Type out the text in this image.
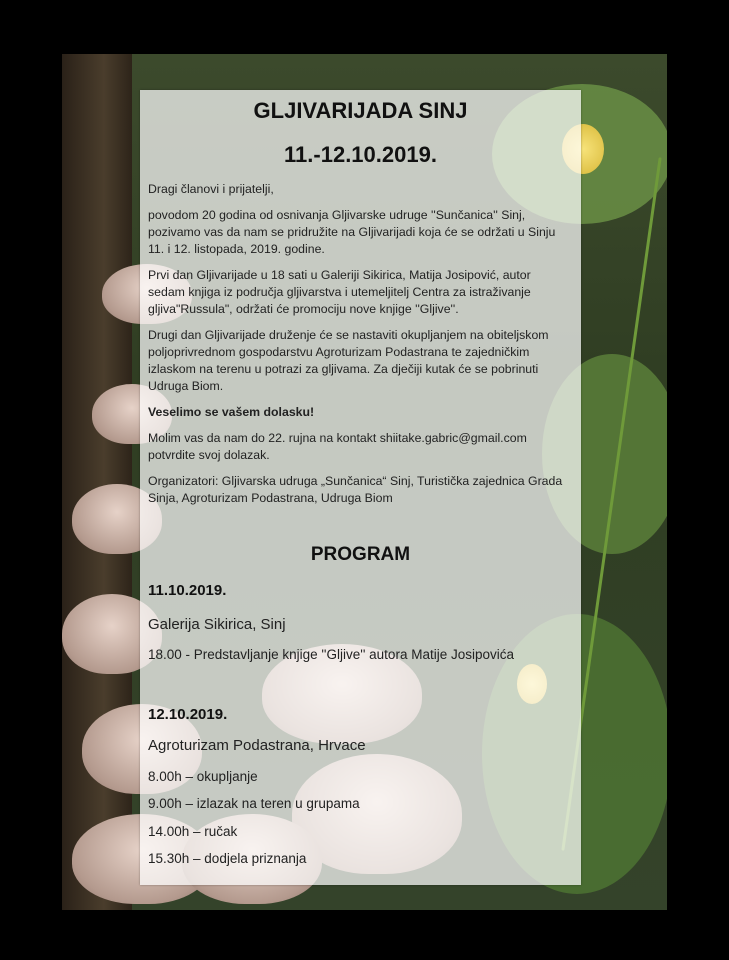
GLJIVARIJADA SINJ
11.-12.10.2019.

Dragi članovi i prijatelji,

povodom 20 godina od osnivanja Gljivarske udruge ''Sunčanica'' Sinj, pozivamo vas da nam se pridružite na Gljivarijadi koja će se održati u Sinju 11. i 12. listopada, 2019. godine.

Prvi dan Gljivarijade u 18 sati u Galeriji Sikirica, Matija Josipović, autor sedam knjiga iz područja gljivarstva i utemeljitelj Centra za istraživanje gljiva"Russula", održati će promociju nove knjige ''Gljive''.

Drugi dan Gljivarijade druženje će se nastaviti okupljanjem na obiteljskom poljoprivrednom gospodarstvu Agroturizam Podastrana te zajedničkim izlaskom na terenu u potrazi za gljivama. Za dječiji kutak će se pobrinuti Udruga Biom.

Veselimo se vašem dolasku!

Molim vas da nam do 22. rujna na kontakt shiitake.gabric@gmail.com potvrdite svoj dolazak.

Organizatori: Gljivarska udruga „Sunčanica“ Sinj, Turistička zajednica Grada Sinja, Agroturizam Podastrana, Udruga Biom

PROGRAM
11.10.2019.
Galerija Sikirica, Sinj
18.00 - Predstavljanje knjige ''Gljive'' autora Matije Josipovića
12.10.2019.
Agroturizam Podastrana, Hrvace
8.00h – okupljanje
9.00h – izlazak na teren u grupama
14.00h – ručak
15.30h – dodjela priznanja
